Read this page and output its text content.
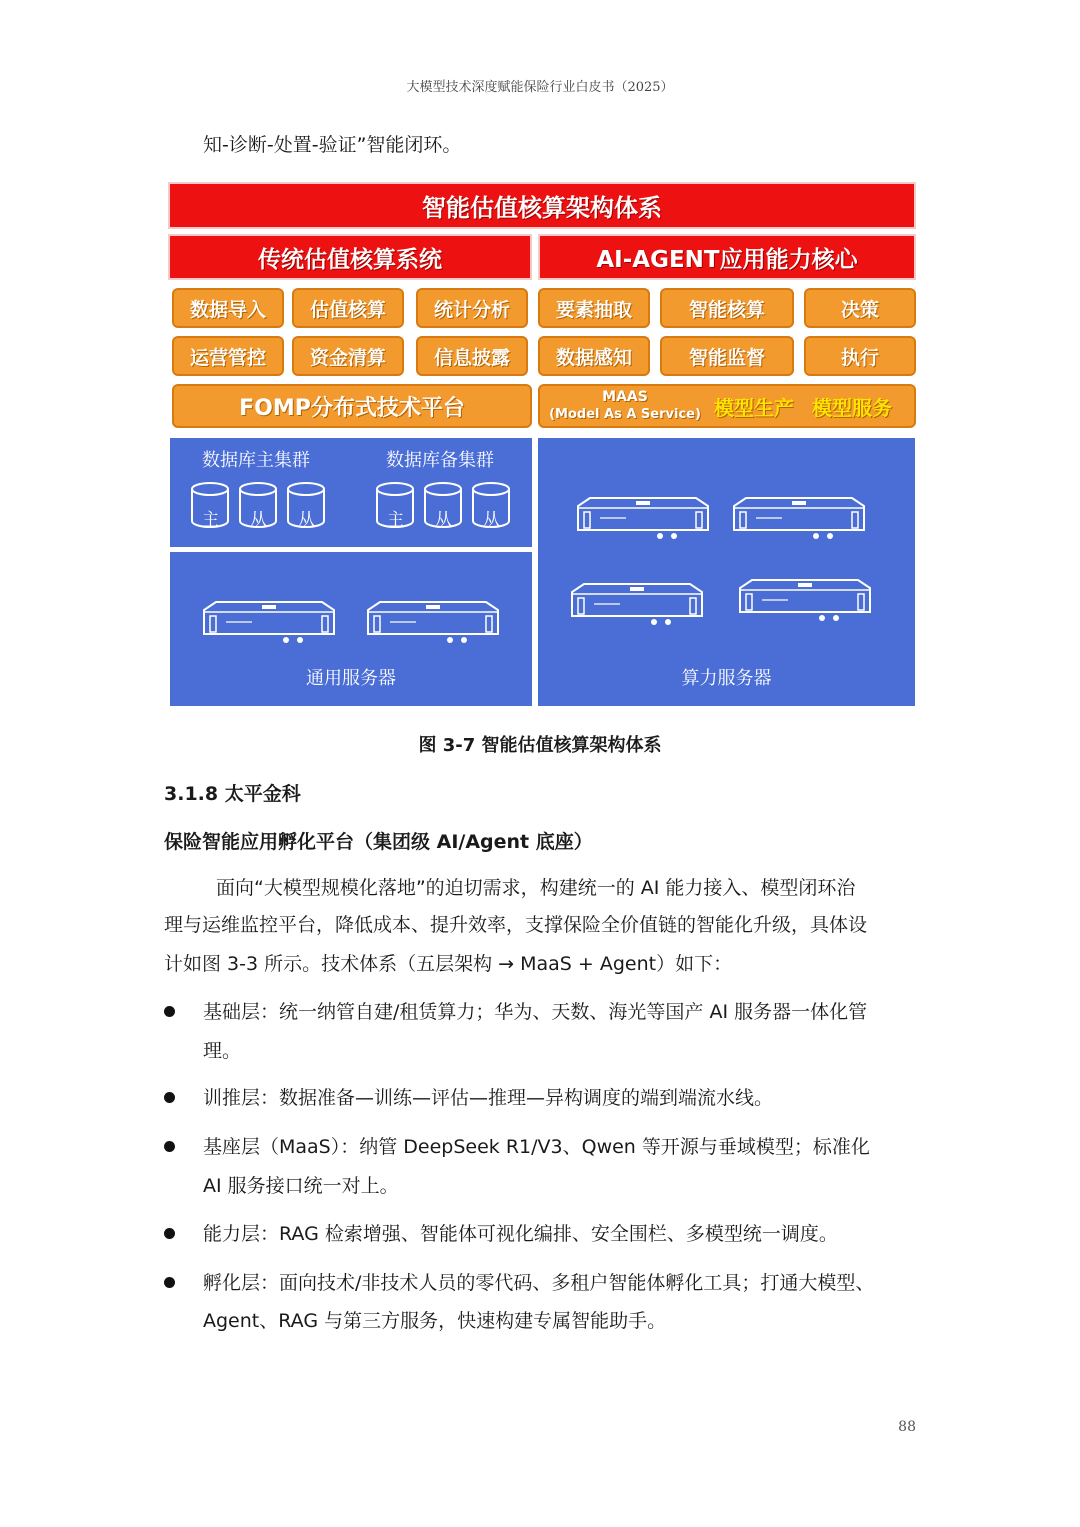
大模型技术深度赋能保险行业白皮书（2025）
知-诊断-处置-验证”智能闭环。
智能估值核算架构体系
传统估值核算系统	AI-AGENT应用能力核心
数据导入	估值核算	统计分析
运营管控	资金清算	信息披露
要素抽取	智能核算	决策
数据感知	智能监督	执行
FOMP分布式技术平台	MAAS
(Model As A Service) 模型生产 模型服务
数据库主集群	数据库备集群
主 从 从	主 从 从
通用服务器	算力服务器
图 3-7 智能估值核算架构体系
3.1.8 太平金科
保险智能应用孵化平台（集团级 AI/Agent 底座）
面向“大模型规模化落地”的迫切需求，构建统一的 AI 能力接入、模型闭环治
理与运维监控平台，降低成本、提升效率，支撑保险全价值链的智能化升级，具体设
计如图 3-3 所示。技术体系（五层架构 → MaaS + Agent）如下：
基础层：统一纳管自建/租赁算力；华为、天数、海光等国产 AI 服务器一体化管
理。
训推层：数据准备—训练—评估—推理—异构调度的端到端流水线。
基座层（MaaS）：纳管 DeepSeek R1/V3、Qwen 等开源与垂域模型；标准化
AI 服务接口统一对上。
能力层：RAG 检索增强、智能体可视化编排、安全围栏、多模型统一调度。
孵化层：面向技术/非技术人员的零代码、多租户智能体孵化工具；打通大模型、
Agent、RAG 与第三方服务，快速构建专属智能助手。
88
